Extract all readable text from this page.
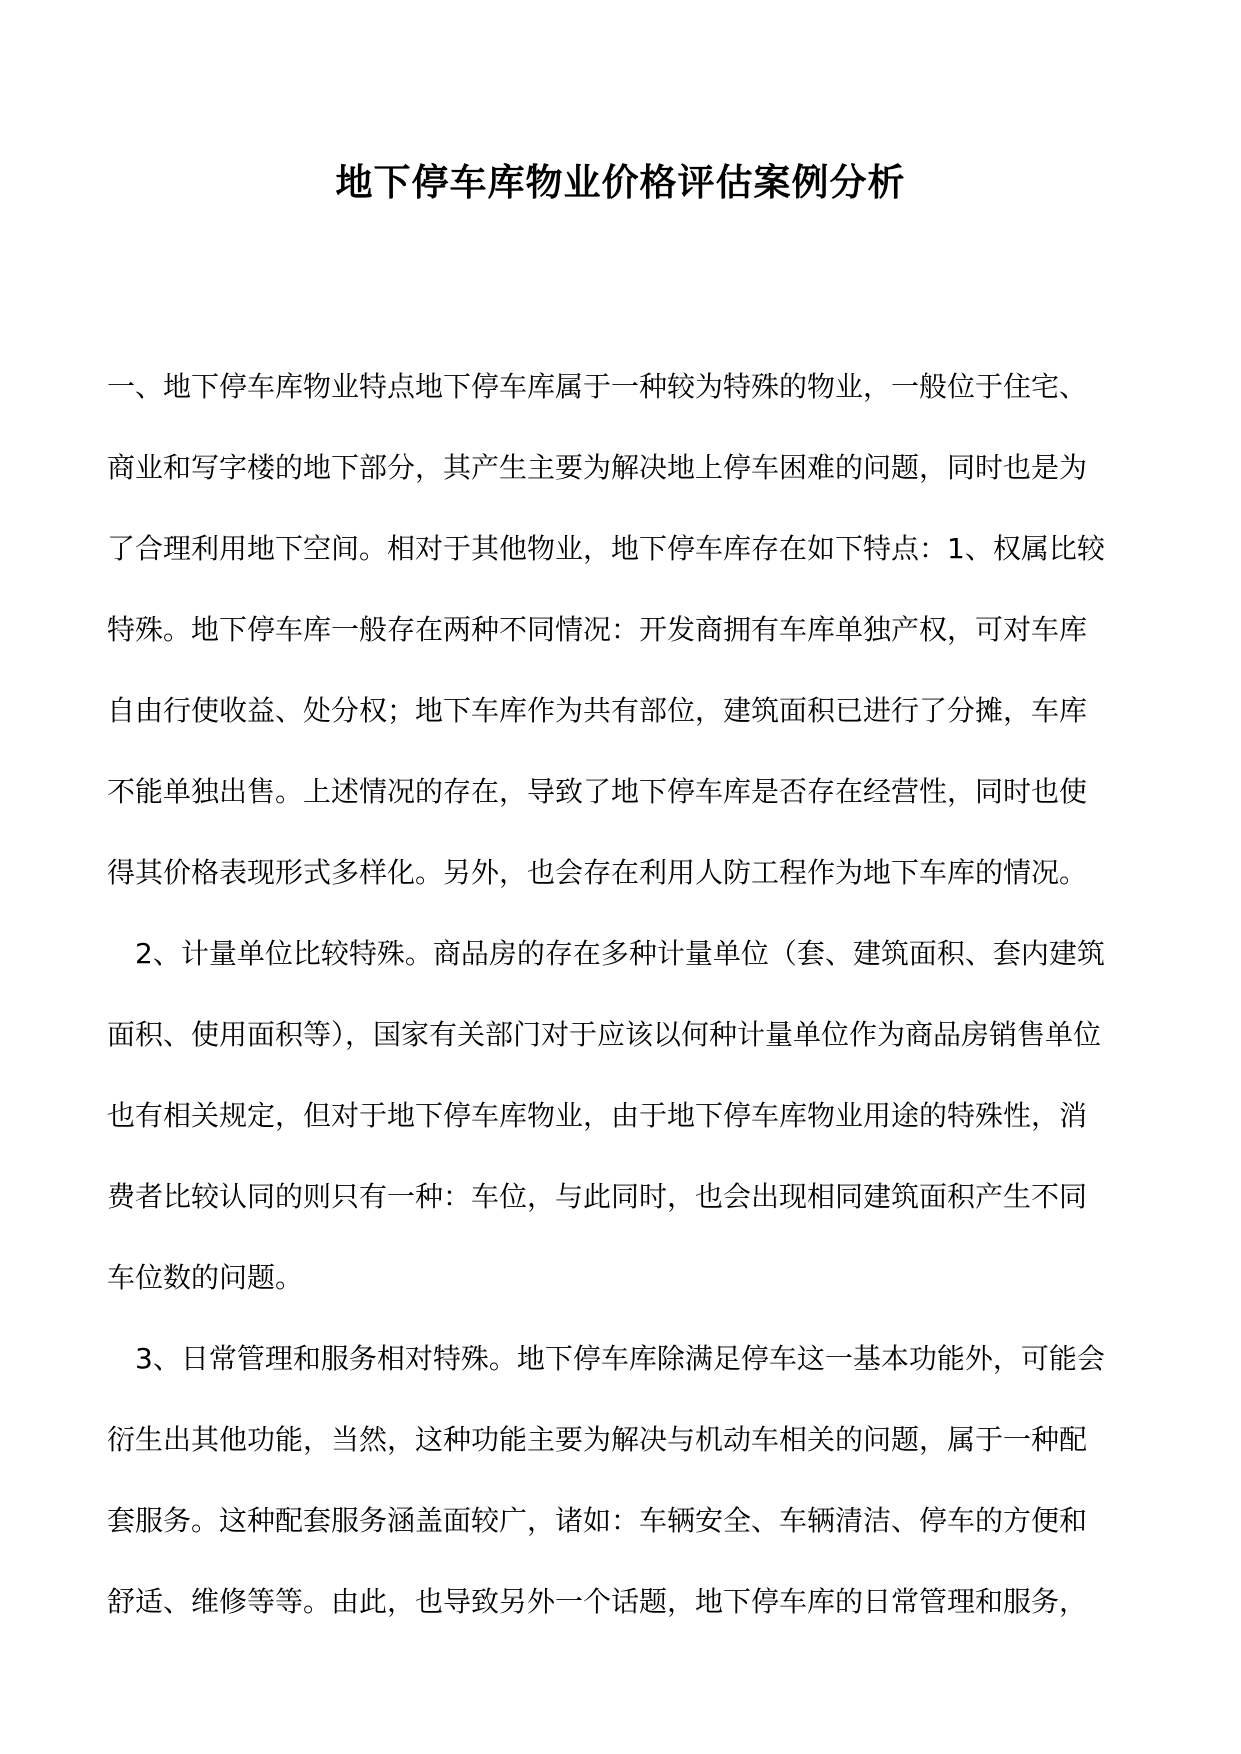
地下停车库物业价格评估案例分析
一、地下停车库物业特点地下停车库属于一种较为特殊的物业，一般位于住宅、
商业和写字楼的地下部分，其产生主要为解决地上停车困难的问题，同时也是为
了合理利用地下空间。相对于其他物业，地下停车库存在如下特点：1、权属比较
特殊。地下停车库一般存在两种不同情况：开发商拥有车库单独产权，可对车库
自由行使收益、处分权；地下车库作为共有部位，建筑面积已进行了分摊，车库
不能单独出售。上述情况的存在，导致了地下停车库是否存在经营性，同时也使
得其价格表现形式多样化。另外，也会存在利用人防工程作为地下车库的情况。
2、计量单位比较特殊。商品房的存在多种计量单位（套、建筑面积、套内建筑
面积、使用面积等），国家有关部门对于应该以何种计量单位作为商品房销售单位
也有相关规定，但对于地下停车库物业，由于地下停车库物业用途的特殊性，消
费者比较认同的则只有一种：车位，与此同时，也会出现相同建筑面积产生不同
车位数的问题。
3、日常管理和服务相对特殊。地下停车库除满足停车这一基本功能外，可能会
衍生出其他功能，当然，这种功能主要为解决与机动车相关的问题，属于一种配
套服务。这种配套服务涵盖面较广，诸如：车辆安全、车辆清洁、停车的方便和
舒适、维修等等。由此，也导致另外一个话题，地下停车库的日常管理和服务，
